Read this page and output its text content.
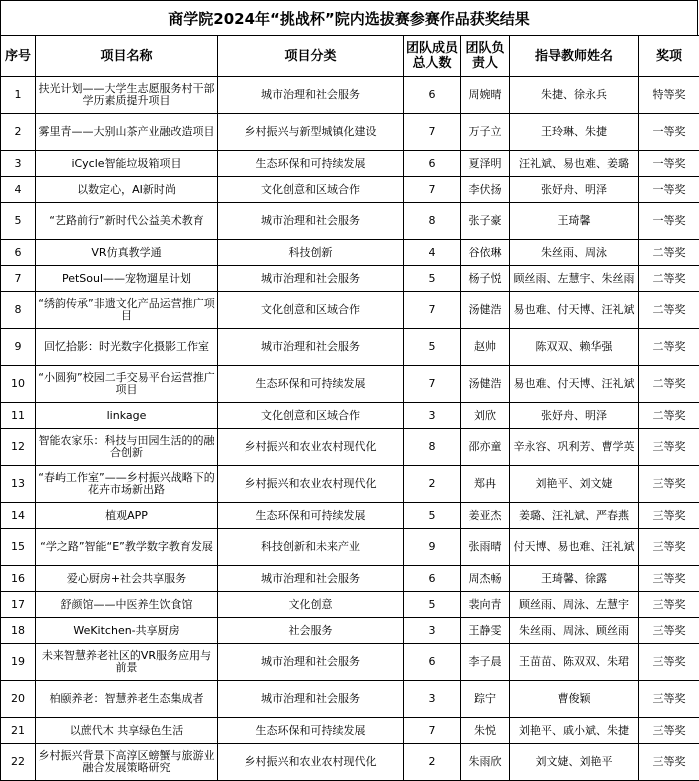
商学院2024年“挑战杯”院内选拔赛参赛作品获奖结果
序号	项目名称	项目分类	团队成员总人数	团队负责人	指导教师姓名	奖项

1	扶光计划——大学生志愿服务村干部学历素质提升项目	城市治理和社会服务	6	周婉晴	朱捷、徐永兵	特等奖

2	雾里青——大别山茶产业融改造项目	乡村振兴与新型城镇化建设	7	万子立	王玲琳、朱捷	一等奖

3	iCycle智能垃圾箱项目	生态环保和可持续发展	6	夏泽明	汪礼斌、易也难、姜璐	一等奖

4	以数定心，AI新时尚	文化创意和区域合作	7	李伏扬	张妤舟、明泽	一等奖

5	“艺路前行”新时代公益美术教育	城市治理和社会服务	8	张子豪	王琦馨	一等奖

6	VR仿真教学通	科技创新	4	谷依琳	朱丝雨、周泳	二等奖

7	PetSoul——宠物遛星计划	城市治理和社会服务	5	杨子悦	顾丝雨、左慧宇、朱丝雨	二等奖

8	“绣韵传承”非遗文化产品运营推广项目	文化创意和区域合作	7	汤健浩	易也难、付天博、汪礼斌	二等奖

9	回忆拾影：时光数字化摄影工作室	城市治理和社会服务	5	赵帅	陈双双、赖华强	二等奖

10	“小圆狗”校园二手交易平台运营推广项目	生态环保和可持续发展	7	汤健浩	易也难、付天博、汪礼斌	二等奖

11	linkage	文化创意和区域合作	3	刘欣	张妤舟、明泽	二等奖

12	智能农家乐：科技与田园生活的的融合创新	乡村振兴和农业农村现代化	8	邵亦童	辛永容、巩利芳、曹学英	三等奖

13	“春屿工作室”——乡村振兴战略下的花卉市场新出路	乡村振兴和农业农村现代化	2	郑冉	刘艳平、刘文婕	三等奖

14	植观APP	生态环保和可持续发展	5	姜亚杰	姜璐、汪礼斌、严春燕	三等奖

15	“学之路”智能“E”教学数字教育发展	科技创新和未来产业	9	张雨晴	付天博、易也难、汪礼斌	三等奖

16	爱心厨房+社会共享服务	城市治理和社会服务	6	周杰畅	王琦馨、徐露	三等奖

17	舒颜馆——中医养生饮食馆	文化创意	5	裴向青	顾丝雨、周泳、左慧宇	三等奖

18	WeKitchen-共享厨房	社会服务	3	王静雯	朱丝雨、周泳、顾丝雨	三等奖

19	未来智慧养老社区的VR服务应用与前景	城市治理和社会服务	6	李子晨	王苗苗、陈双双、朱珺	三等奖

20	柏颐养老：智慧养老生态集成者	城市治理和社会服务	3	踪宁	曹俊颖	三等奖

21	以蔗代木 共享绿色生活	生态环保和可持续发展	7	朱悦	刘艳平、戚小斌、朱捷	三等奖

22	乡村振兴背景下高淳区螃蟹与旅游业融合发展策略研究	乡村振兴和农业农村现代化	2	朱雨欣	刘文婕、刘艳平	三等奖
